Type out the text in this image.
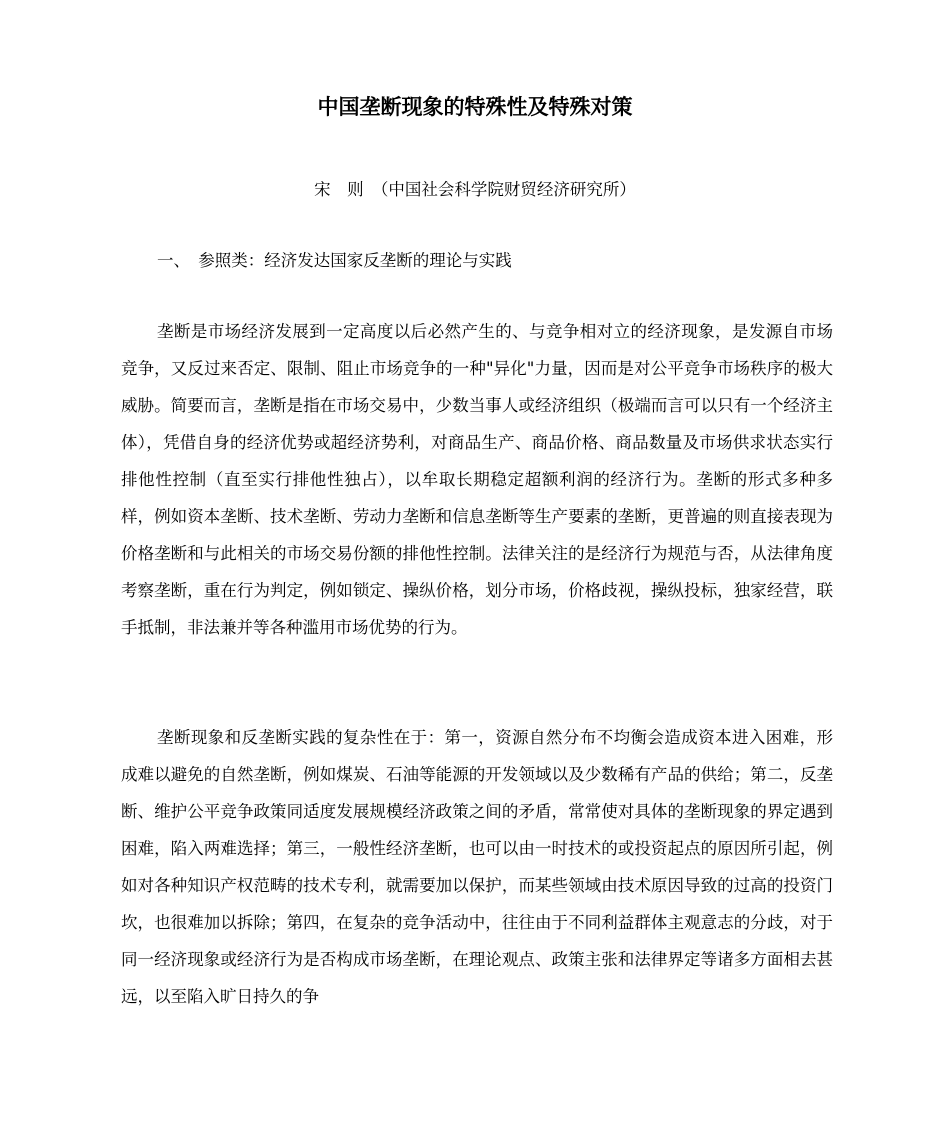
中国垄断现象的特殊性及特殊对策
宋　则　（中国社会科学院财贸经济研究所）
一、　参照类：经济发达国家反垄断的理论与实践

垄断是市场经济发展到一定高度以后必然产生的、与竞争相对立的经济现象，是发源自市场竞争，又反过来否定、限制、阻止市场竞争的一种"异化"力量，因而是对公平竞争市场秩序的极大威胁。简要而言，垄断是指在市场交易中，少数当事人或经济组织（极端而言可以只有一个经济主体），凭借自身的经济优势或超经济势利，对商品生产、商品价格、商品数量及市场供求状态实行排他性控制（直至实行排他性独占），以牟取长期稳定超额利润的经济行为。垄断的形式多种多样，例如资本垄断、技术垄断、劳动力垄断和信息垄断等生产要素的垄断，更普遍的则直接表现为价格垄断和与此相关的市场交易份额的排他性控制。法律关注的是经济行为规范与否，从法律角度考察垄断，重在行为判定，例如锁定、操纵价格，划分市场，价格歧视，操纵投标，独家经营，联手抵制，非法兼并等各种滥用市场优势的行为。

垄断现象和反垄断实践的复杂性在于：第一，资源自然分布不均衡会造成资本进入困难，形成难以避免的自然垄断，例如煤炭、石油等能源的开发领域以及少数稀有产品的供给；第二，反垄断、维护公平竞争政策同适度发展规模经济政策之间的矛盾，常常使对具体的垄断现象的界定遇到困难，陷入两难选择；第三，一般性经济垄断，也可以由一时技术的或投资起点的原因所引起，例如对各种知识产权范畴的技术专利，就需要加以保护，而某些领域由技术原因导致的过高的投资门坎，也很难加以拆除；第四，在复杂的竞争活动中，往往由于不同利益群体主观意志的分歧，对于同一经济现象或经济行为是否构成市场垄断，在理论观点、政策主张和法律界定等诸多方面相去甚远，以至陷入旷日持久的争
